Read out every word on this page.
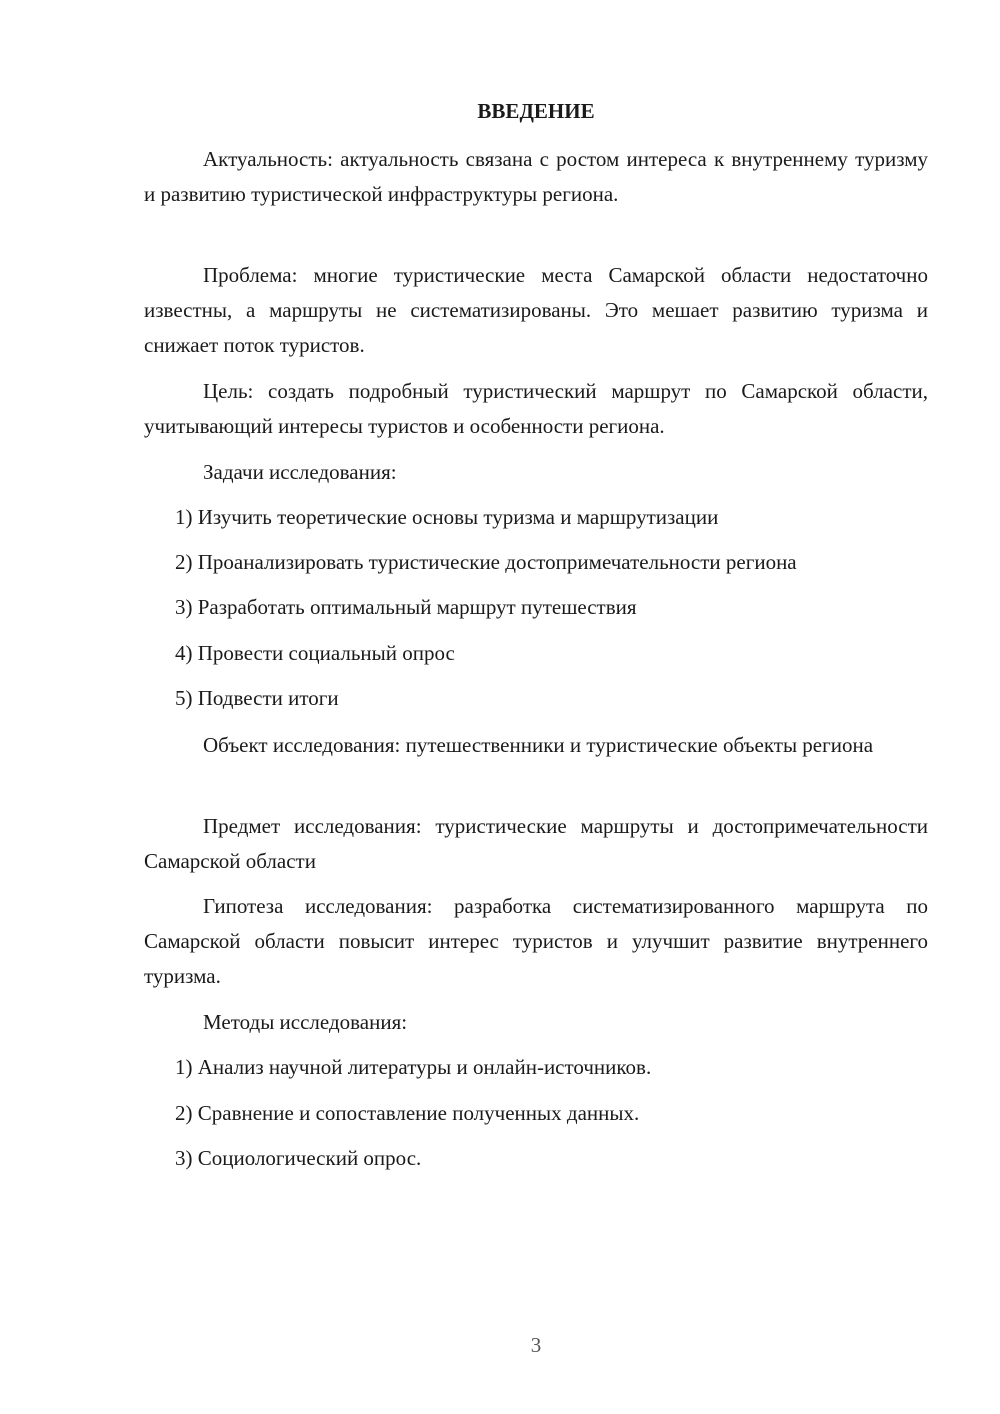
ВВЕДЕНИЕ

Актуальность: актуальность связана с ростом интереса к внутреннему туризму и развитию туристической инфраструктуры региона.

Проблема: многие туристические места Самарской области недостаточно известны, а маршруты не систематизированы. Это мешает развитию туризма и снижает поток туристов.

Цель: создать подробный туристический маршрут по Самарской области, учитывающий интересы туристов и особенности региона.

Задачи исследования:

1) Изучить теоретические основы туризма и маршрутизации

2) Проанализировать туристические достопримечательности региона

3) Разработать оптимальный маршрут путешествия

4) Провести социальный опрос

5) Подвести итоги

Объект исследования: путешественники и туристические объекты региона

Предмет исследования: туристические маршруты и достопримечательности Самарской области

Гипотеза исследования: разработка систематизированного маршрута по Самарской области повысит интерес туристов и улучшит развитие внутреннего туризма.

Методы исследования:

1) Анализ научной литературы и онлайн-источников.

2) Сравнение и сопоставление полученных данных.

3) Социологический опрос.

3
